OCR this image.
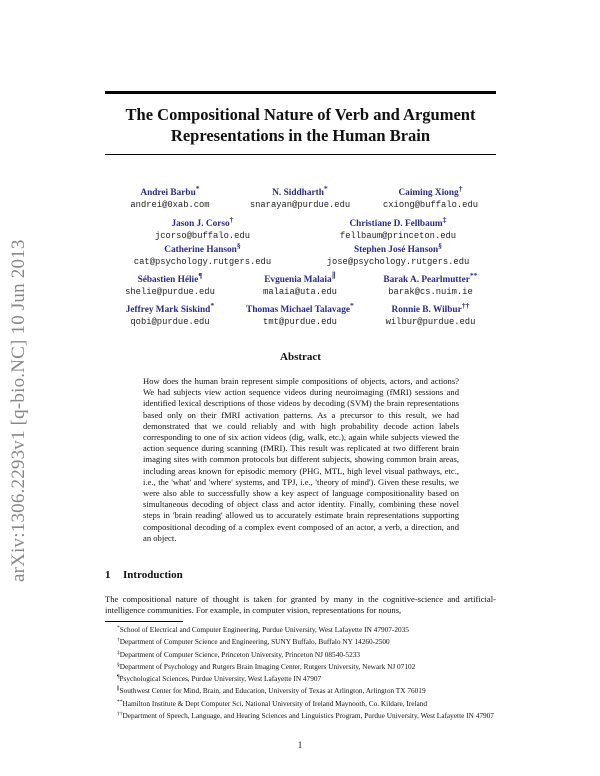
The Compositional Nature of Verb and Argument Representations in the Human Brain
arXiv:1306.2293v1 [q-bio.NC] 10 Jun 2013
Andrei Barbu*
andrei@0xab.com
N. Siddharth*
snarayan@purdue.edu
Caiming Xiong†
cxiong@buffalo.edu
Jason J. Corso†
jcorso@buffalo.edu
Christiane D. Fellbaum‡
fellbaum@princeton.edu
Catherine Hanson§
cat@psychology.rutgers.edu
Stephen José Hanson§
jose@psychology.rutgers.edu
Sébastien Hélie¶
shelie@purdue.edu
Evguenia Malaia∥
malaia@uta.edu
Barak A. Pearlmutter**
barak@cs.nuim.ie
Jeffrey Mark Siskind*
qobi@purdue.edu
Thomas Michael Talavage*
tmt@purdue.edu
Ronnie B. Wilbur††
wilbur@purdue.edu
Abstract
How does the human brain represent simple compositions of objects, actors, and actions? We had subjects view action sequence videos during neuroimaging (fMRI) sessions and identified lexical descriptions of those videos by decoding (SVM) the brain representations based only on their fMRI activation patterns. As a precursor to this result, we had demonstrated that we could reliably and with high probability decode action labels corresponding to one of six action videos (dig, walk, etc.), again while subjects viewed the action sequence during scanning (fMRI). This result was replicated at two different brain imaging sites with common protocols but different subjects, showing common brain areas, including areas known for episodic memory (PHG, MTL, high level visual pathways, etc., i.e., the 'what' and 'where' systems, and TPJ, i.e., 'theory of mind'). Given these results, we were also able to successfully show a key aspect of language compositionality based on simultaneous decoding of object class and actor identity. Finally, combining these novel steps in 'brain reading' allowed us to accurately estimate brain representations supporting compositional decoding of a complex event composed of an actor, a verb, a direction, and an object.
1 Introduction
The compositional nature of thought is taken for granted by many in the cognitive-science and artificial-intelligence communities. For example, in computer vision, representations for nouns,
*School of Electrical and Computer Engineering, Purdue University, West Lafayette IN 47907-2035
†Department of Computer Science and Engineering, SUNY Buffalo, Buffalo NY 14260-2500
‡Department of Computer Science, Princeton University, Princeton NJ 08540-5233
§Department of Psychology and Rutgers Brain Imaging Center, Rutgers University, Newark NJ 07102
¶Psychological Sciences, Purdue University, West Lafayette IN 47907
∥Southwest Center for Mind, Brain, and Education, University of Texas at Arlington, Arlington TX 76019
**Hamilton Institute & Dept Computer Sci, National University of Ireland Maynooth, Co. Kildare, Ireland
††Department of Speech, Language, and Hearing Sciences and Linguistics Program, Purdue University, West Lafayette IN 47907
1
